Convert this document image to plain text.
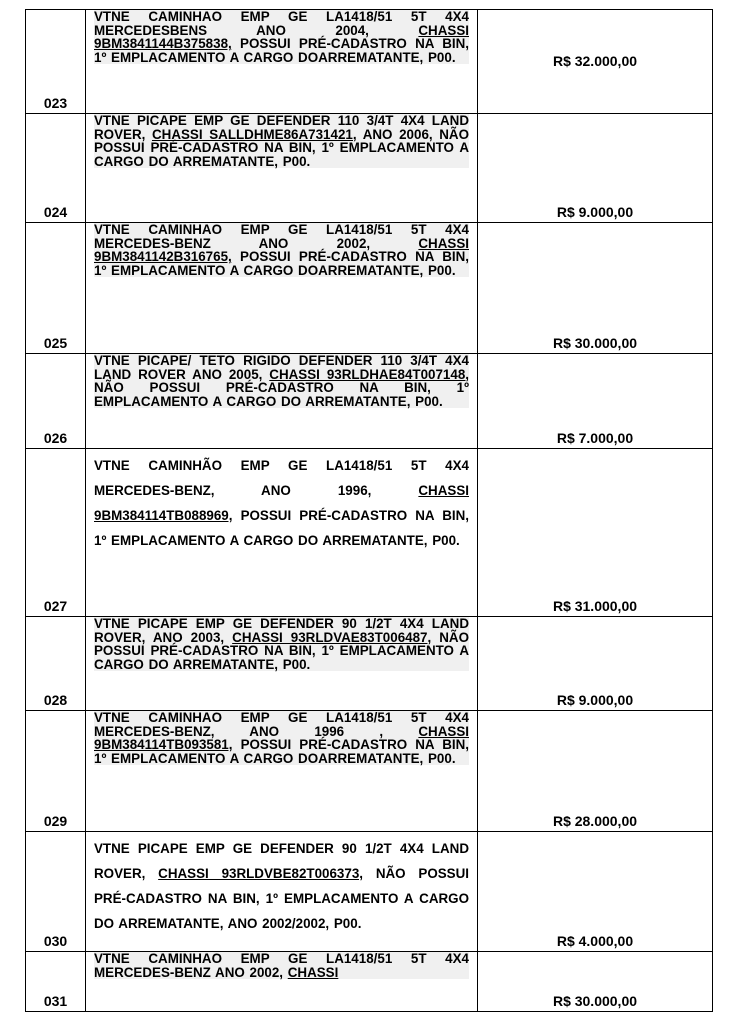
023	VTNE CAMINHAO EMP GE LA1418/51 5T 4X4 MERCEDESBENS ANO 2004, CHASSI 9BM3841144B375838, POSSUI PRÉ-CADASTRO NA BIN, 1º EMPLACAMENTO A CARGO DOARREMATANTE, P00.	R$ 32.000,00
024	VTNE PICAPE EMP GE DEFENDER 110 3/4T 4X4 LAND ROVER, CHASSI SALLDHME86A731421, ANO 2006, NÃO POSSUI PRÉ-CADASTRO NA BIN, 1º EMPLACAMENTO A CARGO DO ARREMATANTE, P00.	R$ 9.000,00
025	VTNE CAMINHAO EMP GE LA1418/51 5T 4X4 MERCEDES-BENZ ANO 2002, CHASSI 9BM3841142B316765, POSSUI PRÉ-CADASTRO NA BIN, 1º EMPLACAMENTO A CARGO DOARREMATANTE, P00.	R$ 30.000,00
026	VTNE PICAPE/ TETO RIGIDO DEFENDER 110 3/4T 4X4 LAND ROVER ANO 2005, CHASSI 93RLDHAE84T007148, NÃO POSSUI PRÉ-CADASTRO NA BIN, 1º EMPLACAMENTO A CARGO DO ARREMATANTE, P00.	R$ 7.000,00
027	VTNE CAMINHÃO EMP GE LA1418/51 5T 4X4 MERCEDES-BENZ, ANO 1996, CHASSI 9BM384114TB088969, POSSUI PRÉ-CADASTRO NA BIN, 1º EMPLACAMENTO A CARGO DO ARREMATANTE, P00.	R$ 31.000,00
028	VTNE PICAPE EMP GE DEFENDER 90 1/2T 4X4 LAND ROVER, ANO 2003, CHASSI 93RLDVAE83T006487, NÃO POSSUI PRÉ-CADASTRO NA BIN, 1º EMPLACAMENTO A CARGO DO ARREMATANTE, P00.	R$ 9.000,00
029	VTNE CAMINHAO EMP GE LA1418/51 5T 4X4 MERCEDES-BENZ, ANO 1996 , CHASSI 9BM384114TB093581, POSSUI PRÉ-CADASTRO NA BIN, 1º EMPLACAMENTO A CARGO DOARREMATANTE, P00.	R$ 28.000,00
030	VTNE PICAPE EMP GE DEFENDER 90 1/2T 4X4 LAND ROVER, CHASSI 93RLDVBE82T006373, NÃO POSSUI PRÉ-CADASTRO NA BIN, 1º EMPLACAMENTO A CARGO DO ARREMATANTE, ANO 2002/2002, P00.	R$ 4.000,00
031	VTNE CAMINHAO EMP GE LA1418/51 5T 4X4 MERCEDES-BENZ ANO 2002, CHASSI	R$ 30.000,00
